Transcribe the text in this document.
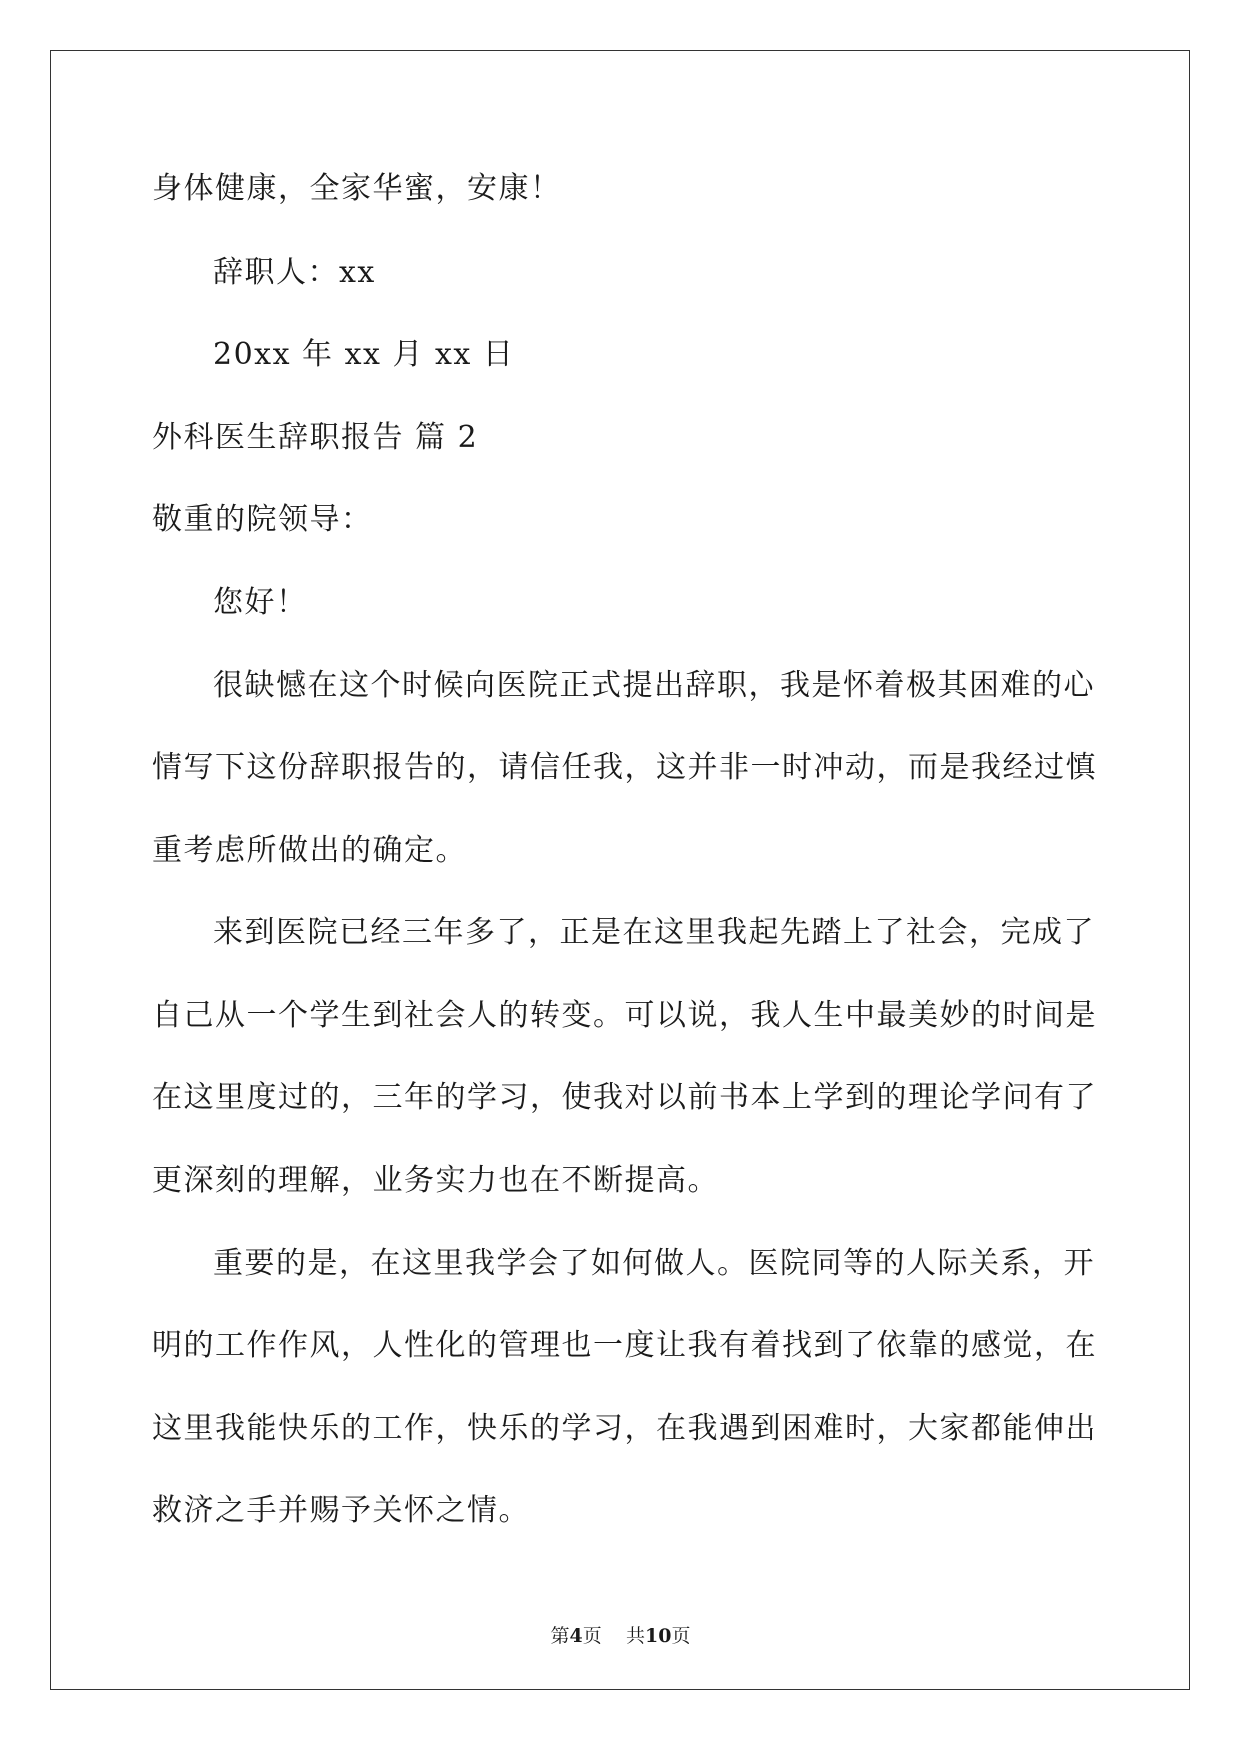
身体健康，全家华蜜，安康！
辞职人：xx
20xx 年 xx 月 xx 日
外科医生辞职报告 篇 2
敬重的院领导：
您好！
很缺憾在这个时候向医院正式提出辞职，我是怀着极其困难的心
情写下这份辞职报告的，请信任我，这并非一时冲动，而是我经过慎
重考虑所做出的确定。
来到医院已经三年多了，正是在这里我起先踏上了社会，完成了
自己从一个学生到社会人的转变。可以说，我人生中最美妙的时间是
在这里度过的，三年的学习，使我对以前书本上学到的理论学问有了
更深刻的理解，业务实力也在不断提高。
重要的是，在这里我学会了如何做人。医院同等的人际关系，开
明的工作作风，人性化的管理也一度让我有着找到了依靠的感觉，在
这里我能快乐的工作，快乐的学习，在我遇到困难时，大家都能伸出
救济之手并赐予关怀之情。
第4页 共10页
